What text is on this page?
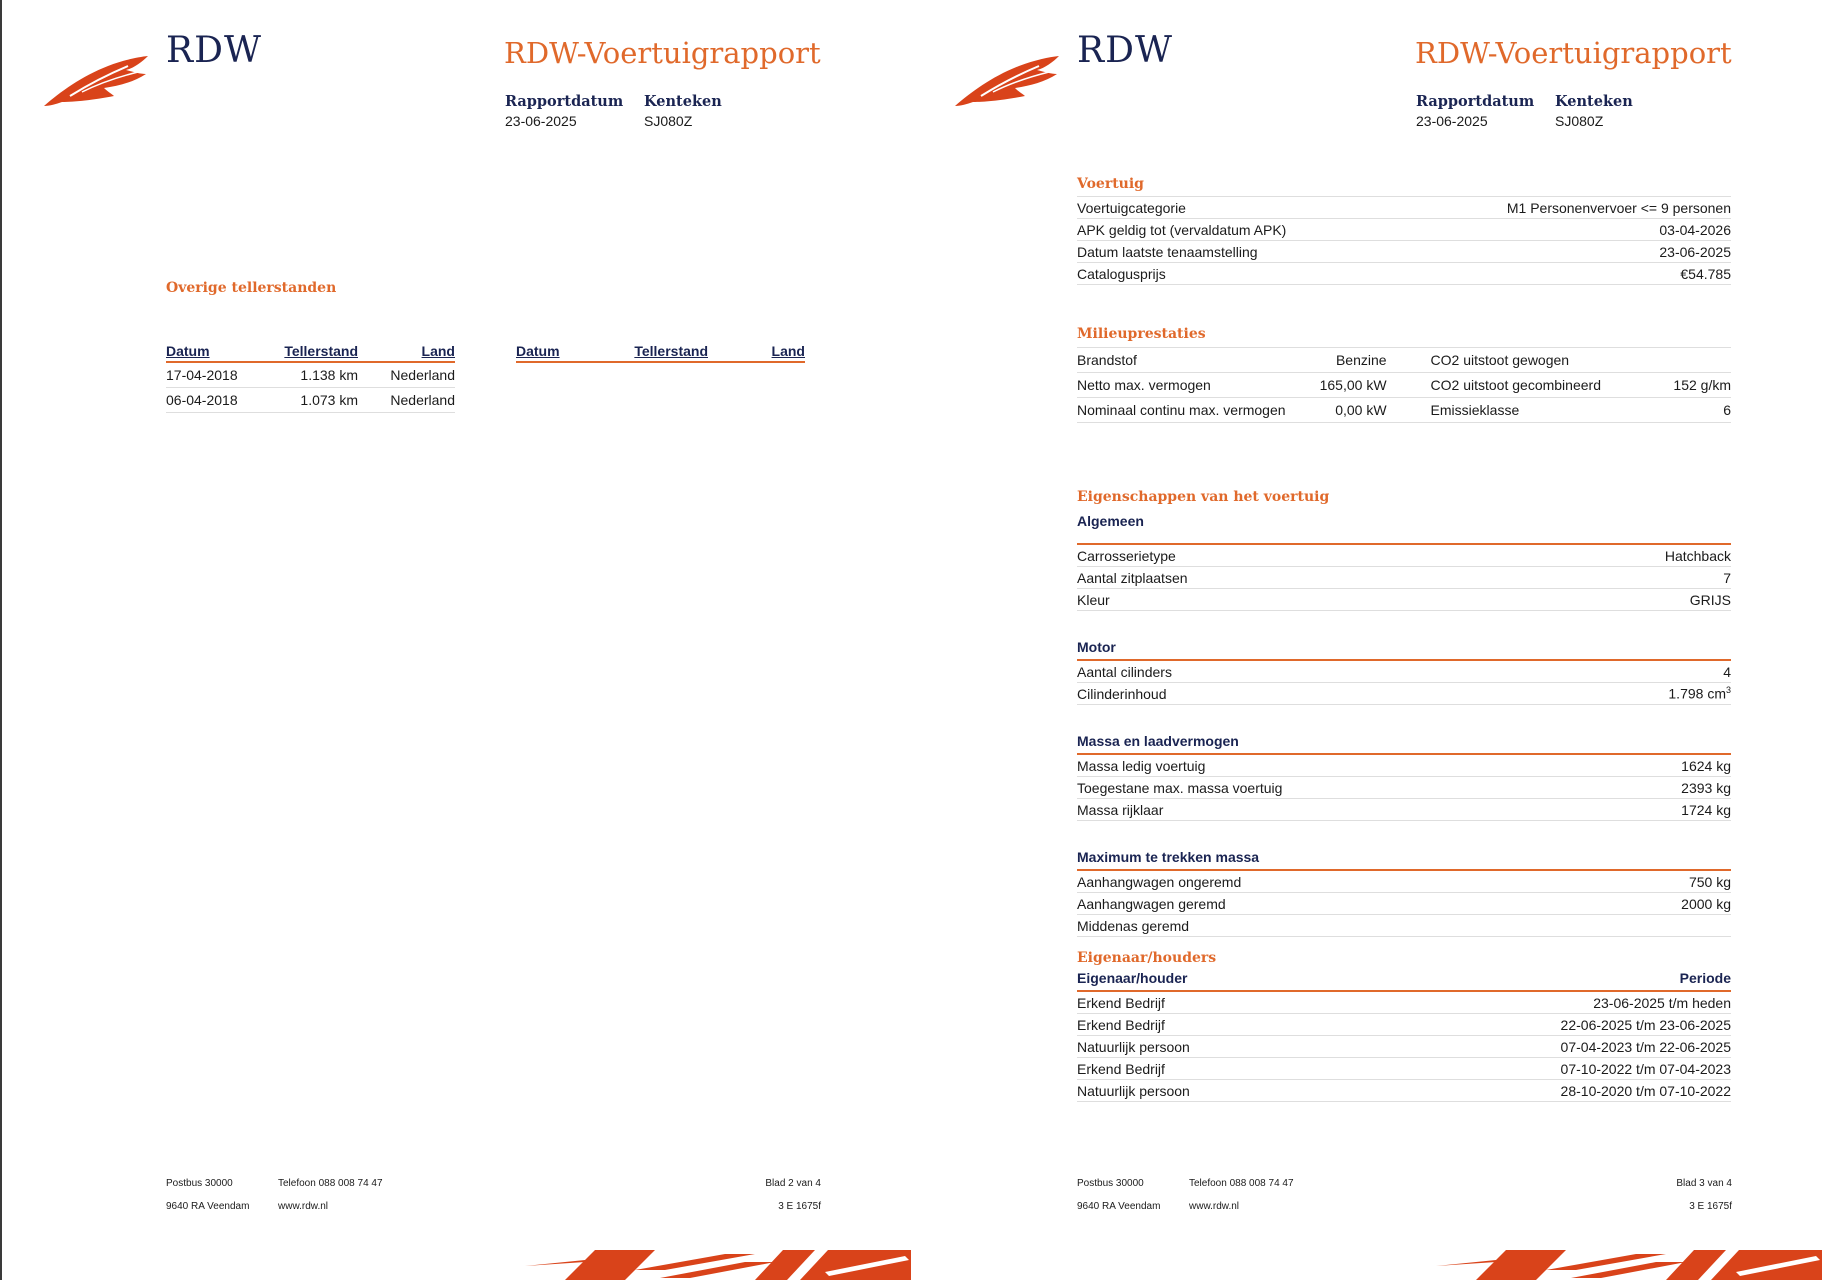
RDW	RDW-Voertuigrapport
Rapportdatum Kenteken
23-06-2025	SJ080Z
Overige tellerstanden
Datum	Tellerstand	Land
17-04-2018	1.138 km	Nederland
06-04-2018	1.073 km	Nederland
Datum	Tellerstand	Land
Postbus 30000
9640 RA Veendam
Telefoon 088 008 74 47
www.rdw.nl
Blad 2 van 4
3 E 1675f
RDW	RDW-Voertuigrapport
Rapportdatum Kenteken
23-06-2025	SJ080Z
Voertuig
Voertuigcategorie	M1 Personenvervoer <= 9 personen
APK geldig tot (vervaldatum APK)	03-04-2026
Datum laatste tenaamstelling	23-06-2025
Catalogusprijs	€54.785
Milieuprestaties
Brandstof	Benzine	CO2 uitstoot gewogen	
Netto max. vermogen	165,00 kW	CO2 uitstoot gecombineerd	152 g/km
Nominaal continu max. vermogen	0,00 kW	Emissieklasse	6
Eigenschappen van het voertuig
Algemeen
Carrosserietype	Hatchback
Aantal zitplaatsen	7
Kleur	GRIJS
Motor
Aantal cilinders	4
Cilinderinhoud	1.798 $cm^3$
Massa en laadvermogen
Massa ledig voertuig	1624 kg
Toegestane max. massa voertuig	2393 kg
Massa rijklaar	1724 kg
Maximum te trekken massa
Aanhangwagen ongeremd	750 kg
Aanhangwagen geremd	2000 kg
Middenas geremd	
Eigenaar/houders
Eigenaar/houder	Periode
Erkend Bedrijf	23-06-2025 t/m heden
Erkend Bedrijf	22-06-2025 t/m 23-06-2025
Natuurlijk persoon	07-04-2023 t/m 22-06-2025
Erkend Bedrijf	07-10-2022 t/m 07-04-2023
Natuurlijk persoon	28-10-2020 t/m 07-10-2022
Postbus 30000
9640 RA Veendam
Telefoon 088 008 74 47
www.rdw.nl
Blad 3 van 4
3 E 1675f
